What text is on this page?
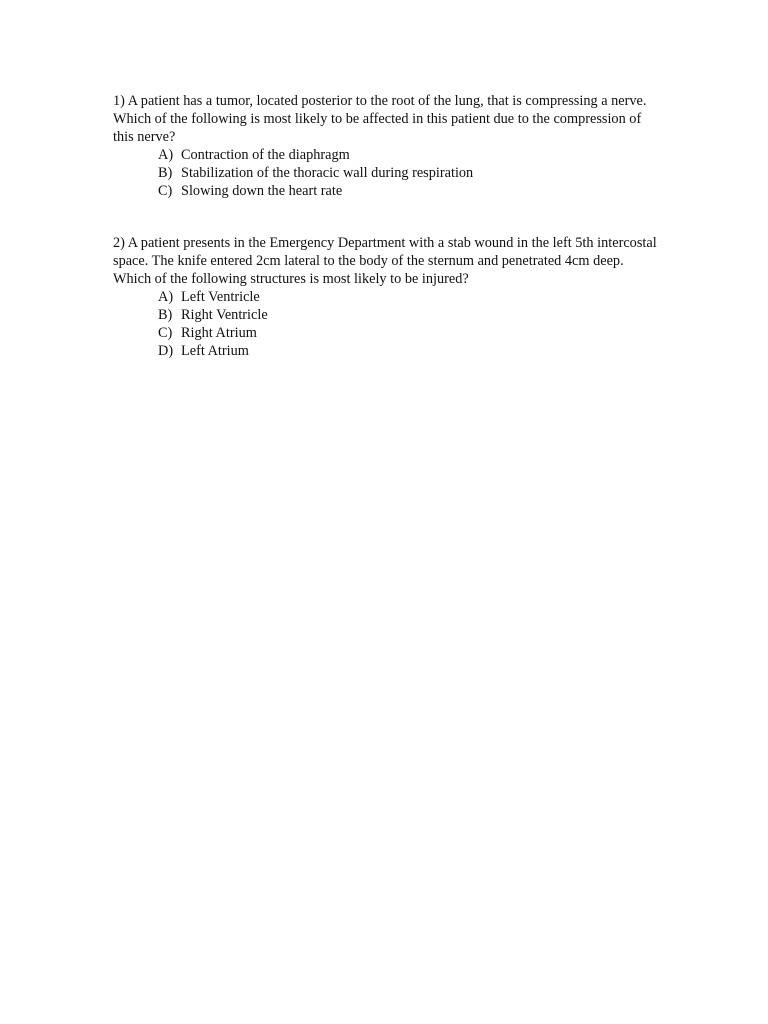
1) A patient has a tumor, located posterior to the root of the lung, that is compressing a nerve. Which of the following is most likely to be affected in this patient due to the compression of this nerve?

A) Contraction of the diaphragm
B) Stabilization of the thoracic wall during respiration
C) Slowing down the heart rate

2) A patient presents in the Emergency Department with a stab wound in the left 5th intercostal space. The knife entered 2cm lateral to the body of the sternum and penetrated 4cm deep. Which of the following structures is most likely to be injured?

A) Left Ventricle
B) Right Ventricle
C) Right Atrium
D) Left Atrium
